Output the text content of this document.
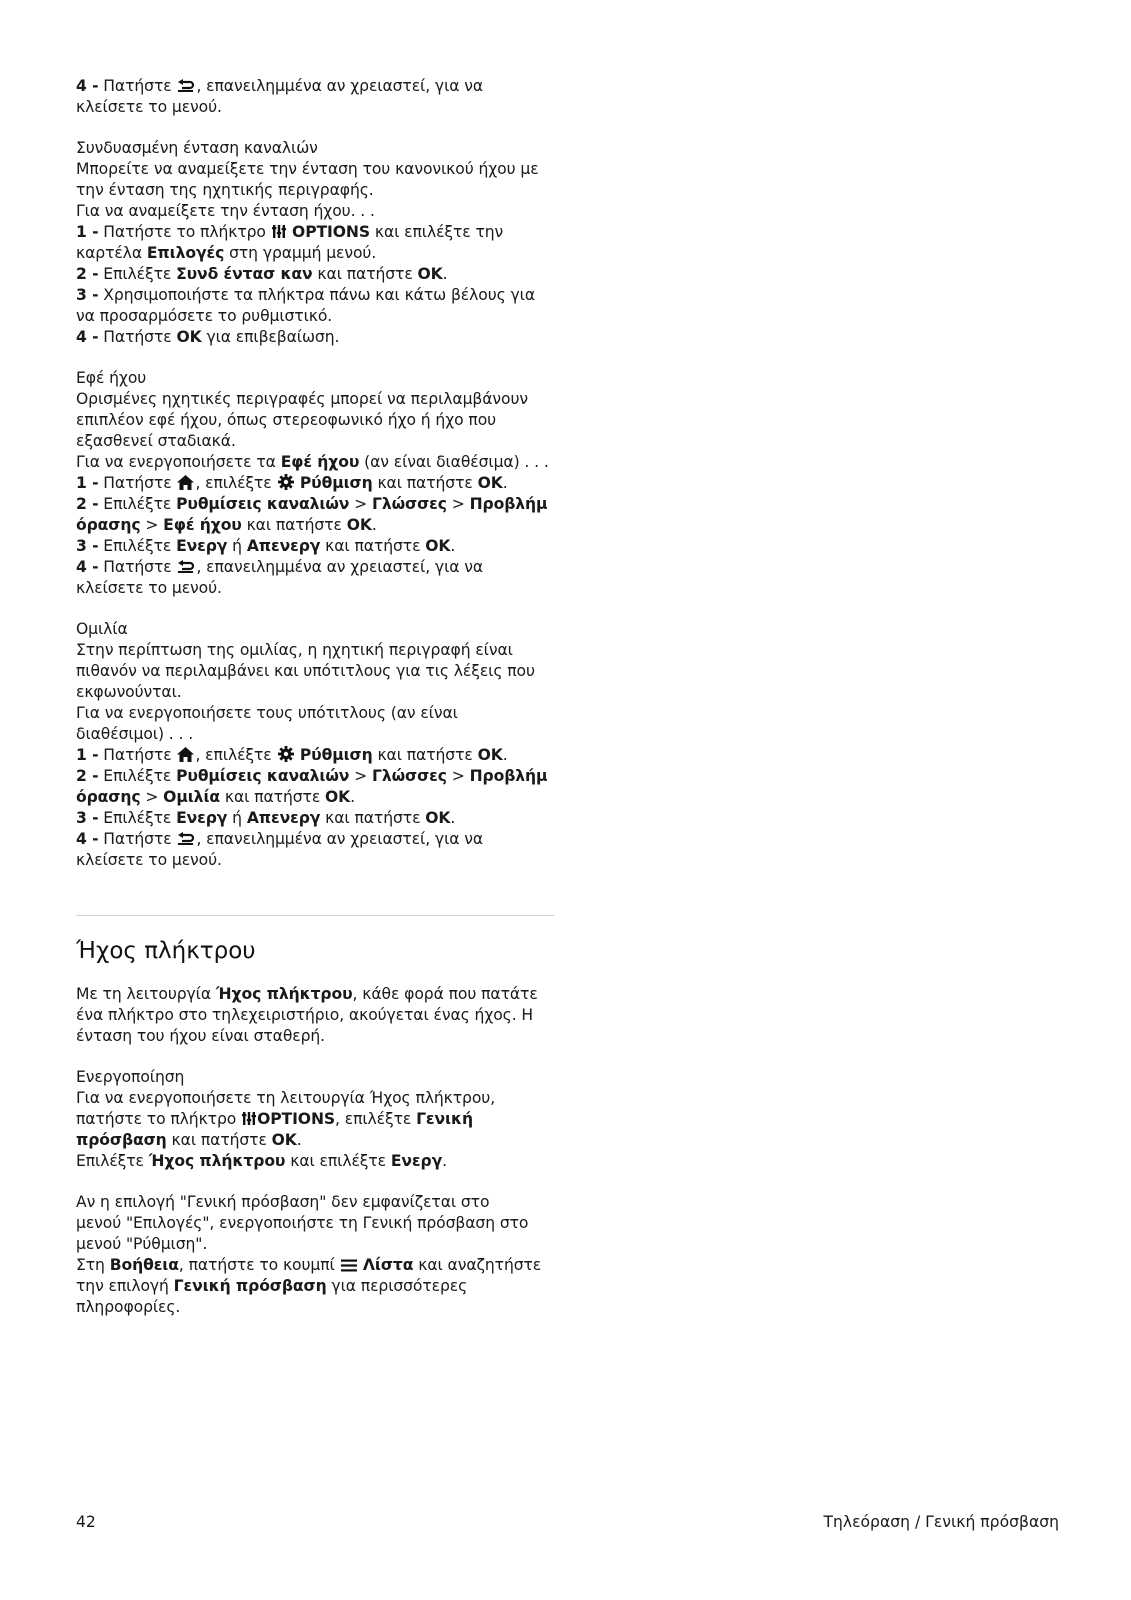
4 - Πατήστε , επανειλημμένα αν χρειαστεί, για να
κλείσετε το μενού.
Συνδυασμένη ένταση καναλιών
Μπορείτε να αναμείξετε την ένταση του κανονικού ήχου με
την ένταση της ηχητικής περιγραφής.
Για να αναμείξετε την ένταση ήχου. . .
1 - Πατήστε το πλήκτρο  OPTIONS και επιλέξτε την
καρτέλα Επιλογές στη γραμμή μενού.
2 - Επιλέξτε Συνδ έντασ καν και πατήστε OK.
3 - Χρησιμοποιήστε τα πλήκτρα πάνω και κάτω βέλους για
να προσαρμόσετε το ρυθμιστικό.
4 - Πατήστε OK για επιβεβαίωση.
Εφέ ήχου
Ορισμένες ηχητικές περιγραφές μπορεί να περιλαμβάνουν
επιπλέον εφέ ήχου, όπως στερεοφωνικό ήχο ή ήχο που
εξασθενεί σταδιακά.
Για να ενεργοποιήσετε τα Εφέ ήχου (αν είναι διαθέσιμα) . . .
1 - Πατήστε , επιλέξτε  Ρύθμιση και πατήστε OK.
2 - Επιλέξτε Ρυθμίσεις καναλιών > Γλώσσες > Προβλήμ
όρασης > Εφέ ήχου και πατήστε OK.
3 - Επιλέξτε Ενεργ ή Απενεργ και πατήστε OK.
4 - Πατήστε , επανειλημμένα αν χρειαστεί, για να
κλείσετε το μενού.
Ομιλία
Στην περίπτωση της ομιλίας, η ηχητική περιγραφή είναι
πιθανόν να περιλαμβάνει και υπότιτλους για τις λέξεις που
εκφωνούνται.
Για να ενεργοποιήσετε τους υπότιτλους (αν είναι
διαθέσιμοι) . . .
1 - Πατήστε , επιλέξτε  Ρύθμιση και πατήστε OK.
2 - Επιλέξτε Ρυθμίσεις καναλιών > Γλώσσες > Προβλήμ
όρασης > Ομιλία και πατήστε OK.
3 - Επιλέξτε Ενεργ ή Απενεργ και πατήστε OK.
4 - Πατήστε , επανειλημμένα αν χρειαστεί, για να
κλείσετε το μενού.
Ήχος πλήκτρου
Με τη λειτουργία Ήχος πλήκτρου, κάθε φορά που πατάτε
ένα πλήκτρο στο τηλεχειριστήριο, ακούγεται ένας ήχος. Η
ένταση του ήχου είναι σταθερή.
Ενεργοποίηση
Για να ενεργοποιήσετε τη λειτουργία Ήχος πλήκτρου,
πατήστε το πλήκτρο OPTIONS, επιλέξτε Γενική
πρόσβαση και πατήστε OK.
Επιλέξτε Ήχος πλήκτρου και επιλέξτε Ενεργ.
Αν η επιλογή "Γενική πρόσβαση" δεν εμφανίζεται στο
μενού "Επιλογές", ενεργοποιήστε τη Γενική πρόσβαση στο
μενού "Ρύθμιση".
Στη Βοήθεια, πατήστε το κουμπί  Λίστα και αναζητήστε
την επιλογή Γενική πρόσβαση για περισσότερες
πληροφορίες.
42	Τηλεόραση / Γενική πρόσβαση
